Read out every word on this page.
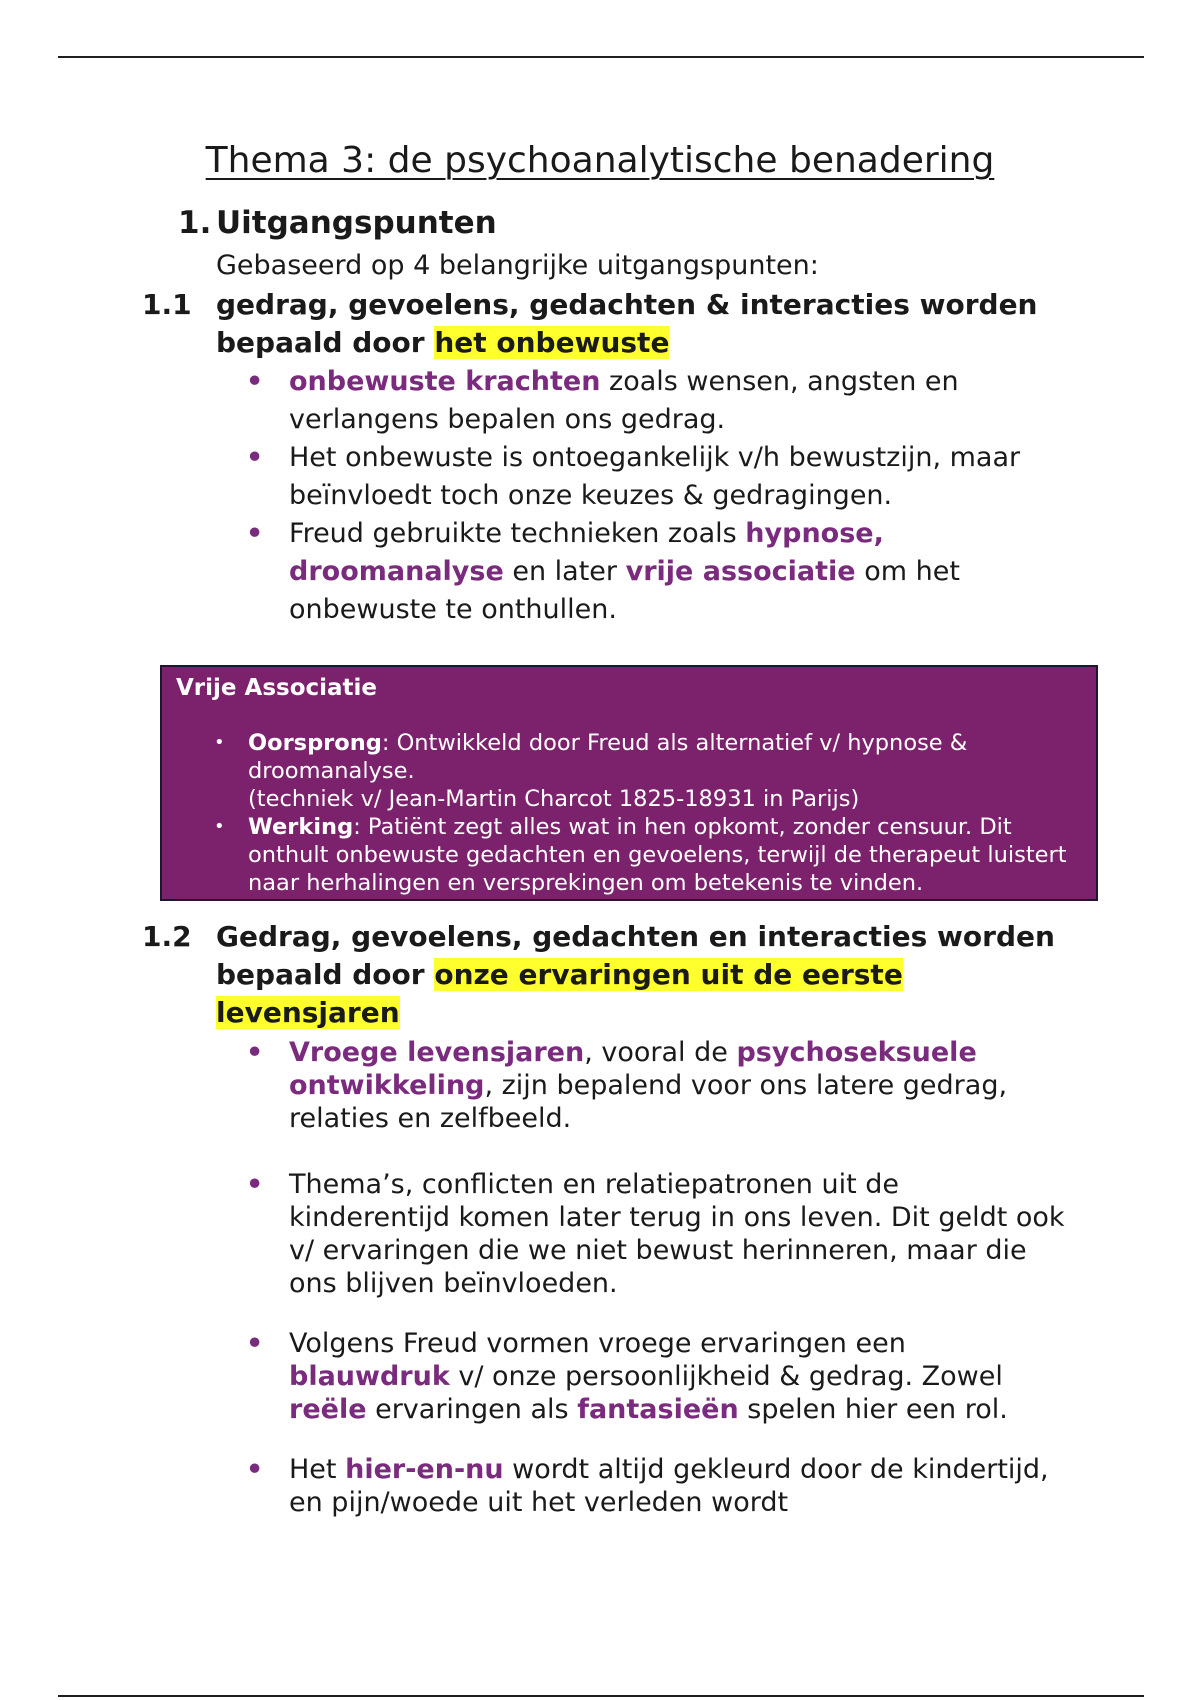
Thema 3: de psychoanalytische benadering
1. Uitgangspunten

Gebaseerd op 4 belangrijke uitgangspunten:

1.1 gedrag, gevoelens, gedachten & interacties worden bepaald door het onbewuste
• onbewuste krachten zoals wensen, angsten en verlangens bepalen ons gedrag.
• Het onbewuste is ontoegankelijk v/h bewustzijn, maar beïnvloedt toch onze keuzes & gedragingen.
• Freud gebruikte technieken zoals hypnose, droomanalyse en later vrije associatie om het onbewuste te onthullen.

Vrije Associatie

• Oorsprong: Ontwikkeld door Freud als alternatief v/ hypnose & droomanalyse.
(techniek v/ Jean-Martin Charcot 1825-18931 in Parijs)
• Werking: Patiënt zegt alles wat in hen opkomt, zonder censuur. Dit onthult onbewuste gedachten en gevoelens, terwijl de therapeut luistert naar herhalingen en versprekingen om betekenis te vinden.
1.2 Gedrag, gevoelens, gedachten en interacties worden bepaald door onze ervaringen uit de eerste levensjaren
• Vroege levensjaren, vooral de psychoseksuele ontwikkeling, zijn bepalend voor ons latere gedrag, relaties en zelfbeeld.
• Thema’s, conflicten en relatiepatronen uit de kinderentijd komen later terug in ons leven. Dit geldt ook v/ ervaringen die we niet bewust herinneren, maar die ons blijven beïnvloeden.
• Volgens Freud vormen vroege ervaringen een blauwdruk v/ onze persoonlijkheid & gedrag. Zowel reële ervaringen als fantasieën spelen hier een rol.
• Het hier-en-nu wordt altijd gekleurd door de kindertijd, en pijn/woede uit het verleden wordt
